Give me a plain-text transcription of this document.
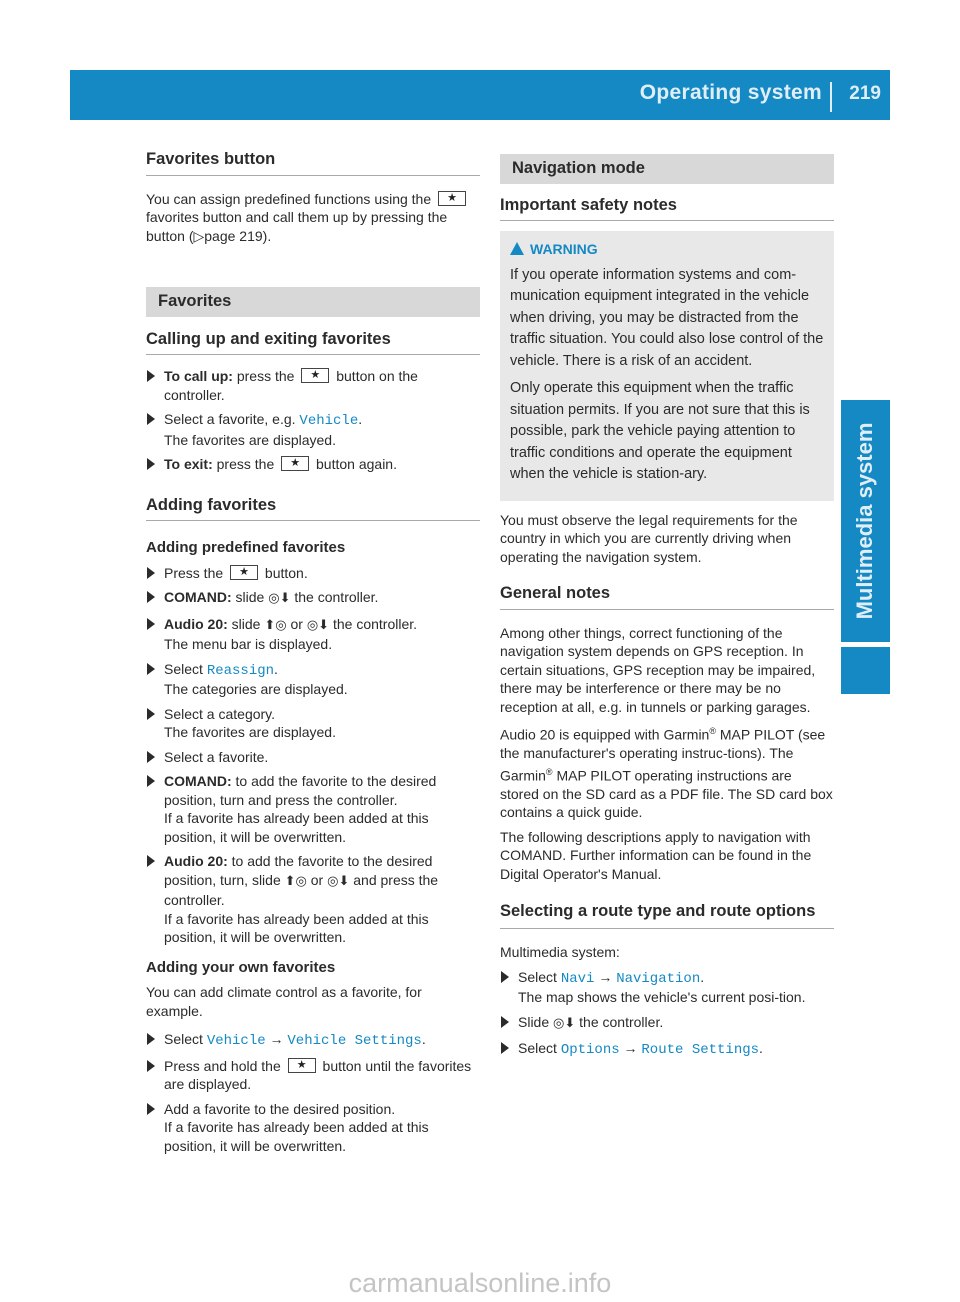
Operating system 219
Multimedia system
Favorites button

You can assign predefined functions using the ★ favorites button and call them up by pressing the button (▷page 219).

Favorites
Calling up and exiting favorites
To call up: press the ★	button on the controller.
Select a favorite, e.g. Vehicle.
The favorites are displayed.
To exit: press the ★	button again.
Adding favorites
Adding predefined favorites
Press the ★	button.
COMAND: slide ◎⬇ the controller.
Audio 20: slide ⬆◎ or ◎⬇ the controller.
The menu bar is displayed.
Select Reassign.
The categories are displayed.
Select a category.
The favorites are displayed.
Select a favorite.
COMAND: to add the favorite to the desired position, turn and press the controller.
If a favorite has already been added at this position, it will be overwritten.
Audio 20: to add the favorite to the desired position, turn, slide ⬆◎ or ◎⬇ and press the controller.
If a favorite has already been added at this position, it will be overwritten.
Adding your own favorites

You can add climate control as a favorite, for example.

Select Vehicle → Vehicle Settings.
Press and hold the ★	button until the favorites are displayed.
Add a favorite to the desired position.
If a favorite has already been added at this position, it will be overwritten.
Navigation mode
Important safety notes
WARNING

If you operate information systems and com-munication equipment integrated in the vehicle when driving, you may be distracted from the traffic situation. You could also lose control of the vehicle. There is a risk of an accident.

Only operate this equipment when the traffic situation permits. If you are not sure that this is possible, park the vehicle paying attention to traffic conditions and operate the equipment when the vehicle is station-ary.

You must observe the legal requirements for the country in which you are currently driving when operating the navigation system.

General notes

Among other things, correct functioning of the navigation system depends on GPS reception. In certain situations, GPS reception may be impaired, there may be interference or there may be no reception at all, e.g. in tunnels or parking garages.

Audio 20 is equipped with Garmin® MAP PILOT (see the manufacturer's operating instruc-tions). The Garmin® MAP PILOT operating instructions are stored on the SD card as a PDF file. The SD card box contains a quick guide.

The following descriptions apply to navigation with COMAND. Further information can be found in the Digital Operator's Manual.

Selecting a route type and route options

Multimedia system:

Select Navi → Navigation.
The map shows the vehicle's current posi-tion.
Slide ◎⬇ the controller.
Select Options → Route Settings.
carmanualsonline.info
